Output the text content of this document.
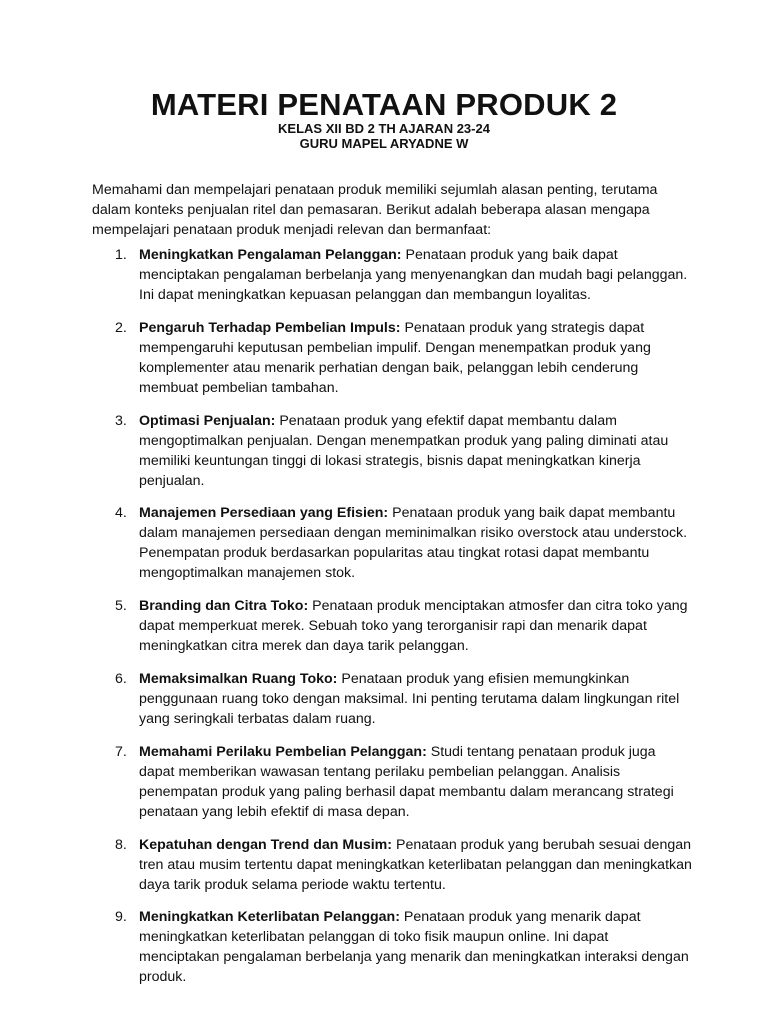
MATERI PENATAAN PRODUK 2

KELAS XII BD 2 TH AJARAN 23-24

GURU MAPEL ARYADNE W

Memahami dan mempelajari penataan produk memiliki sejumlah alasan penting, terutama dalam konteks penjualan ritel dan pemasaran. Berikut adalah beberapa alasan mengapa mempelajari penataan produk menjadi relevan dan bermanfaat:

1. Meningkatkan Pengalaman Pelanggan: Penataan produk yang baik dapat menciptakan pengalaman berbelanja yang menyenangkan dan mudah bagi pelanggan. Ini dapat meningkatkan kepuasan pelanggan dan membangun loyalitas.
2. Pengaruh Terhadap Pembelian Impuls: Penataan produk yang strategis dapat mempengaruhi keputusan pembelian impulif. Dengan menempatkan produk yang komplementer atau menarik perhatian dengan baik, pelanggan lebih cenderung membuat pembelian tambahan.
3. Optimasi Penjualan: Penataan produk yang efektif dapat membantu dalam mengoptimalkan penjualan. Dengan menempatkan produk yang paling diminati atau memiliki keuntungan tinggi di lokasi strategis, bisnis dapat meningkatkan kinerja penjualan.
4. Manajemen Persediaan yang Efisien: Penataan produk yang baik dapat membantu dalam manajemen persediaan dengan meminimalkan risiko overstock atau understock. Penempatan produk berdasarkan popularitas atau tingkat rotasi dapat membantu mengoptimalkan manajemen stok.
5. Branding dan Citra Toko: Penataan produk menciptakan atmosfer dan citra toko yang dapat memperkuat merek. Sebuah toko yang terorganisir rapi dan menarik dapat meningkatkan citra merek dan daya tarik pelanggan.
6. Memaksimalkan Ruang Toko: Penataan produk yang efisien memungkinkan penggunaan ruang toko dengan maksimal. Ini penting terutama dalam lingkungan ritel yang seringkali terbatas dalam ruang.
7. Memahami Perilaku Pembelian Pelanggan: Studi tentang penataan produk juga dapat memberikan wawasan tentang perilaku pembelian pelanggan. Analisis penempatan produk yang paling berhasil dapat membantu dalam merancang strategi penataan yang lebih efektif di masa depan.
8. Kepatuhan dengan Trend dan Musim: Penataan produk yang berubah sesuai dengan tren atau musim tertentu dapat meningkatkan keterlibatan pelanggan dan meningkatkan daya tarik produk selama periode waktu tertentu.
9. Meningkatkan Keterlibatan Pelanggan: Penataan produk yang menarik dapat meningkatkan keterlibatan pelanggan di toko fisik maupun online. Ini dapat menciptakan pengalaman berbelanja yang menarik dan meningkatkan interaksi dengan produk.
